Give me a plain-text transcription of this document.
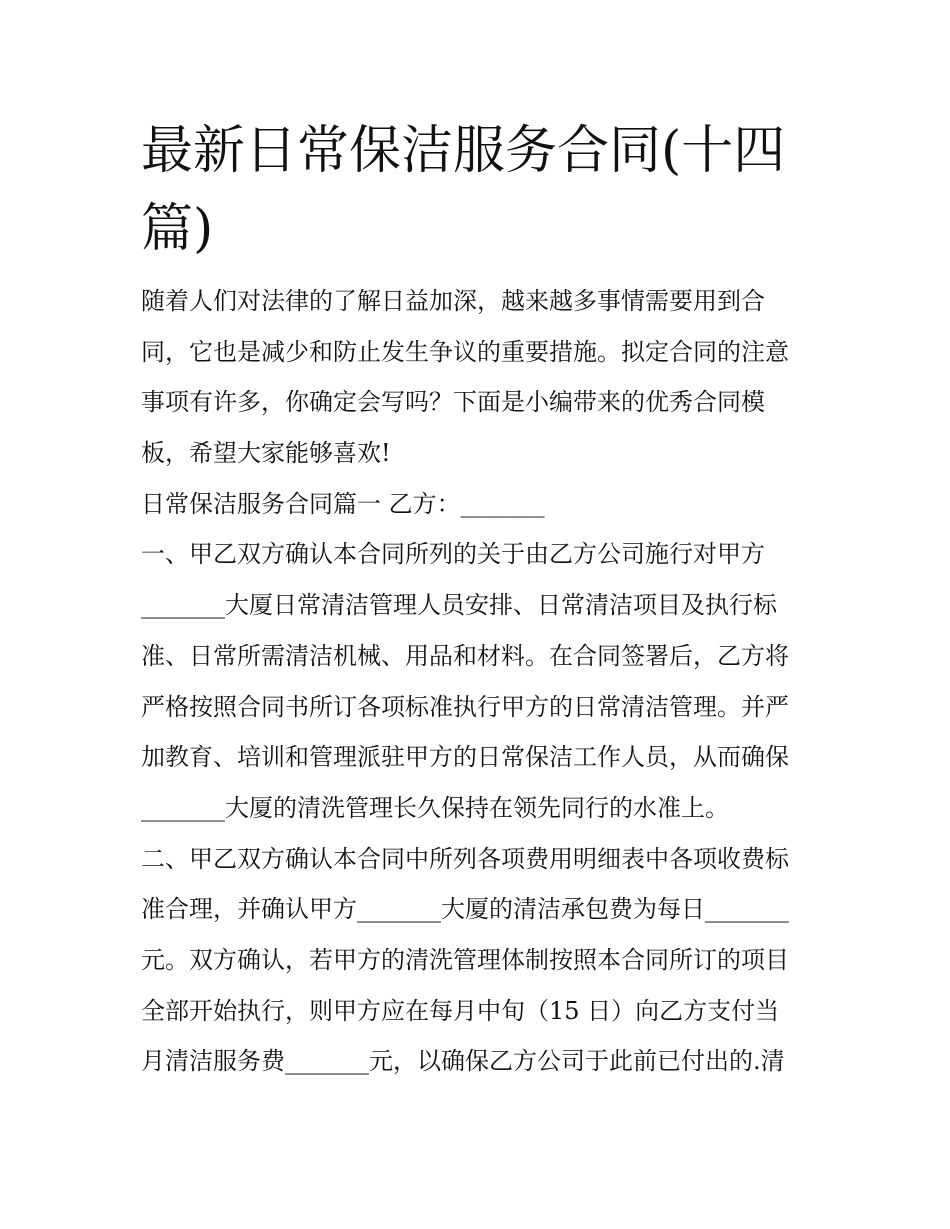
最新日常保洁服务合同(十四
篇)
随着人们对法律的了解日益加深，越来越多事情需要用到合
同，它也是减少和防止发生争议的重要措施。拟定合同的注意
事项有许多，你确定会写吗？下面是小编带来的优秀合同模
板，希望大家能够喜欢!
日常保洁服务合同篇一 乙方：_______
一、甲乙双方确认本合同所列的关于由乙方公司施行对甲方
_______大厦日常清洁管理人员安排、日常清洁项目及执行标
准、日常所需清洁机械、用品和材料。在合同签署后，乙方将
严格按照合同书所订各项标准执行甲方的日常清洁管理。并严
加教育、培训和管理派驻甲方的日常保洁工作人员，从而确保
_______大厦的清洗管理长久保持在领先同行的水准上。
二、甲乙双方确认本合同中所列各项费用明细表中各项收费标
准合理，并确认甲方_______大厦的清洁承包费为每日_______
元。双方确认，若甲方的清洗管理体制按照本合同所订的项目
全部开始执行，则甲方应在每月中旬（15 日）向乙方支付当
月清洁服务费_______元，以确保乙方公司于此前已付出的.清
